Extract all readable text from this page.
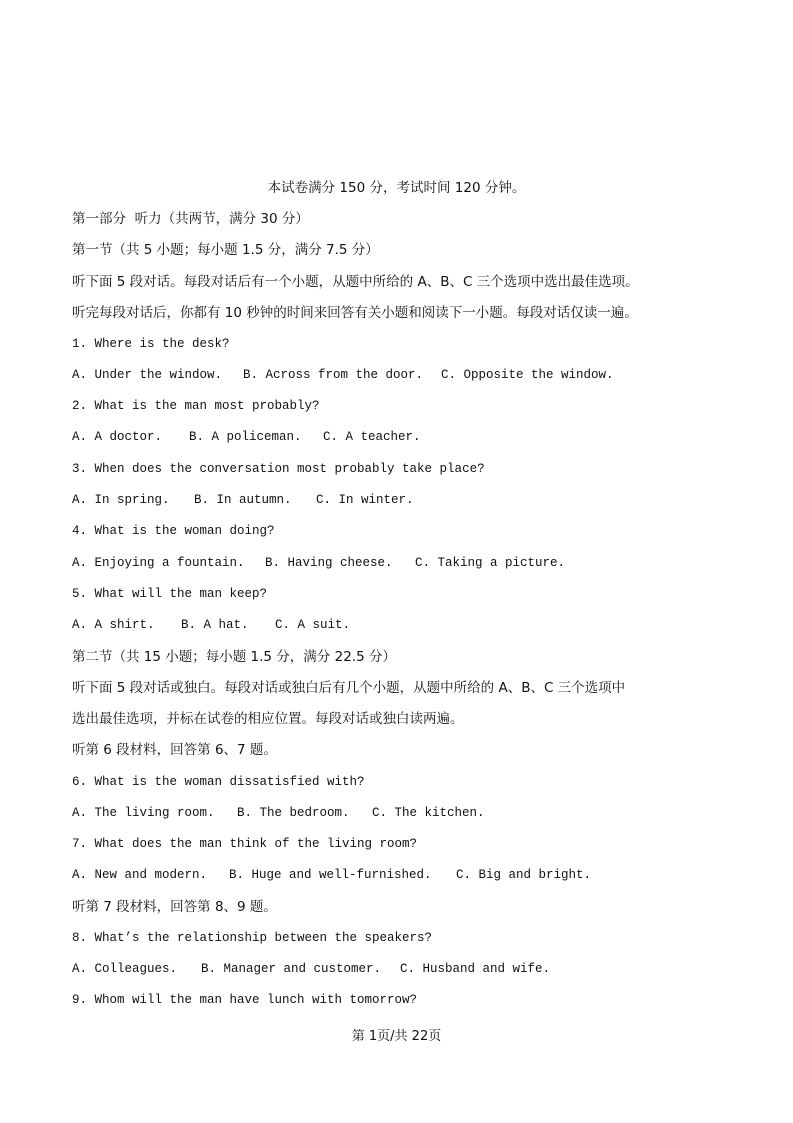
本试卷满分 150 分，考试时间 120 分钟。
第一部分  听力（共两节，满分 30 分）
第一节（共 5 小题；每小题 1.5 分，满分 7.5 分）
听下面 5 段对话。每段对话后有一个小题，从题中所给的 A、B、C 三个选项中选出最佳选项。
听完每段对话后，你都有 10 秒钟的时间来回答有关小题和阅读下一小题。每段对话仅读一遍。
1. Where is the desk?
A. Under the window. B. Across from the door. C. Opposite the window.
2. What is the man most probably?
A. A doctor. B. A policeman. C. A teacher.
3. When does the conversation most probably take place?
A. In spring. B. In autumn. C. In winter.
4. What is the woman doing?
A. Enjoying a fountain. B. Having cheese. C. Taking a picture.
5. What will the man keep?
A. A shirt. B. A hat. C. A suit.
第二节（共 15 小题；每小题 1.5 分，满分 22.5 分）
听下面 5 段对话或独白。每段对话或独白后有几个小题，从题中所给的 A、B、C 三个选项中
选出最佳选项，并标在试卷的相应位置。每段对话或独白读两遍。
听第 6 段材料，回答第 6、7 题。
6. What is the woman dissatisfied with?
A. The living room. B. The bedroom. C. The kitchen.
7. What does the man think of the living room?
A. New and modern. B. Huge and well-furnished. C. Big and bright.
听第 7 段材料，回答第 8、9 题。
8. What’s the relationship between the speakers?
A. Colleagues. B. Manager and customer. C. Husband and wife.
9. Whom will the man have lunch with tomorrow?
第 1页/共 22页
